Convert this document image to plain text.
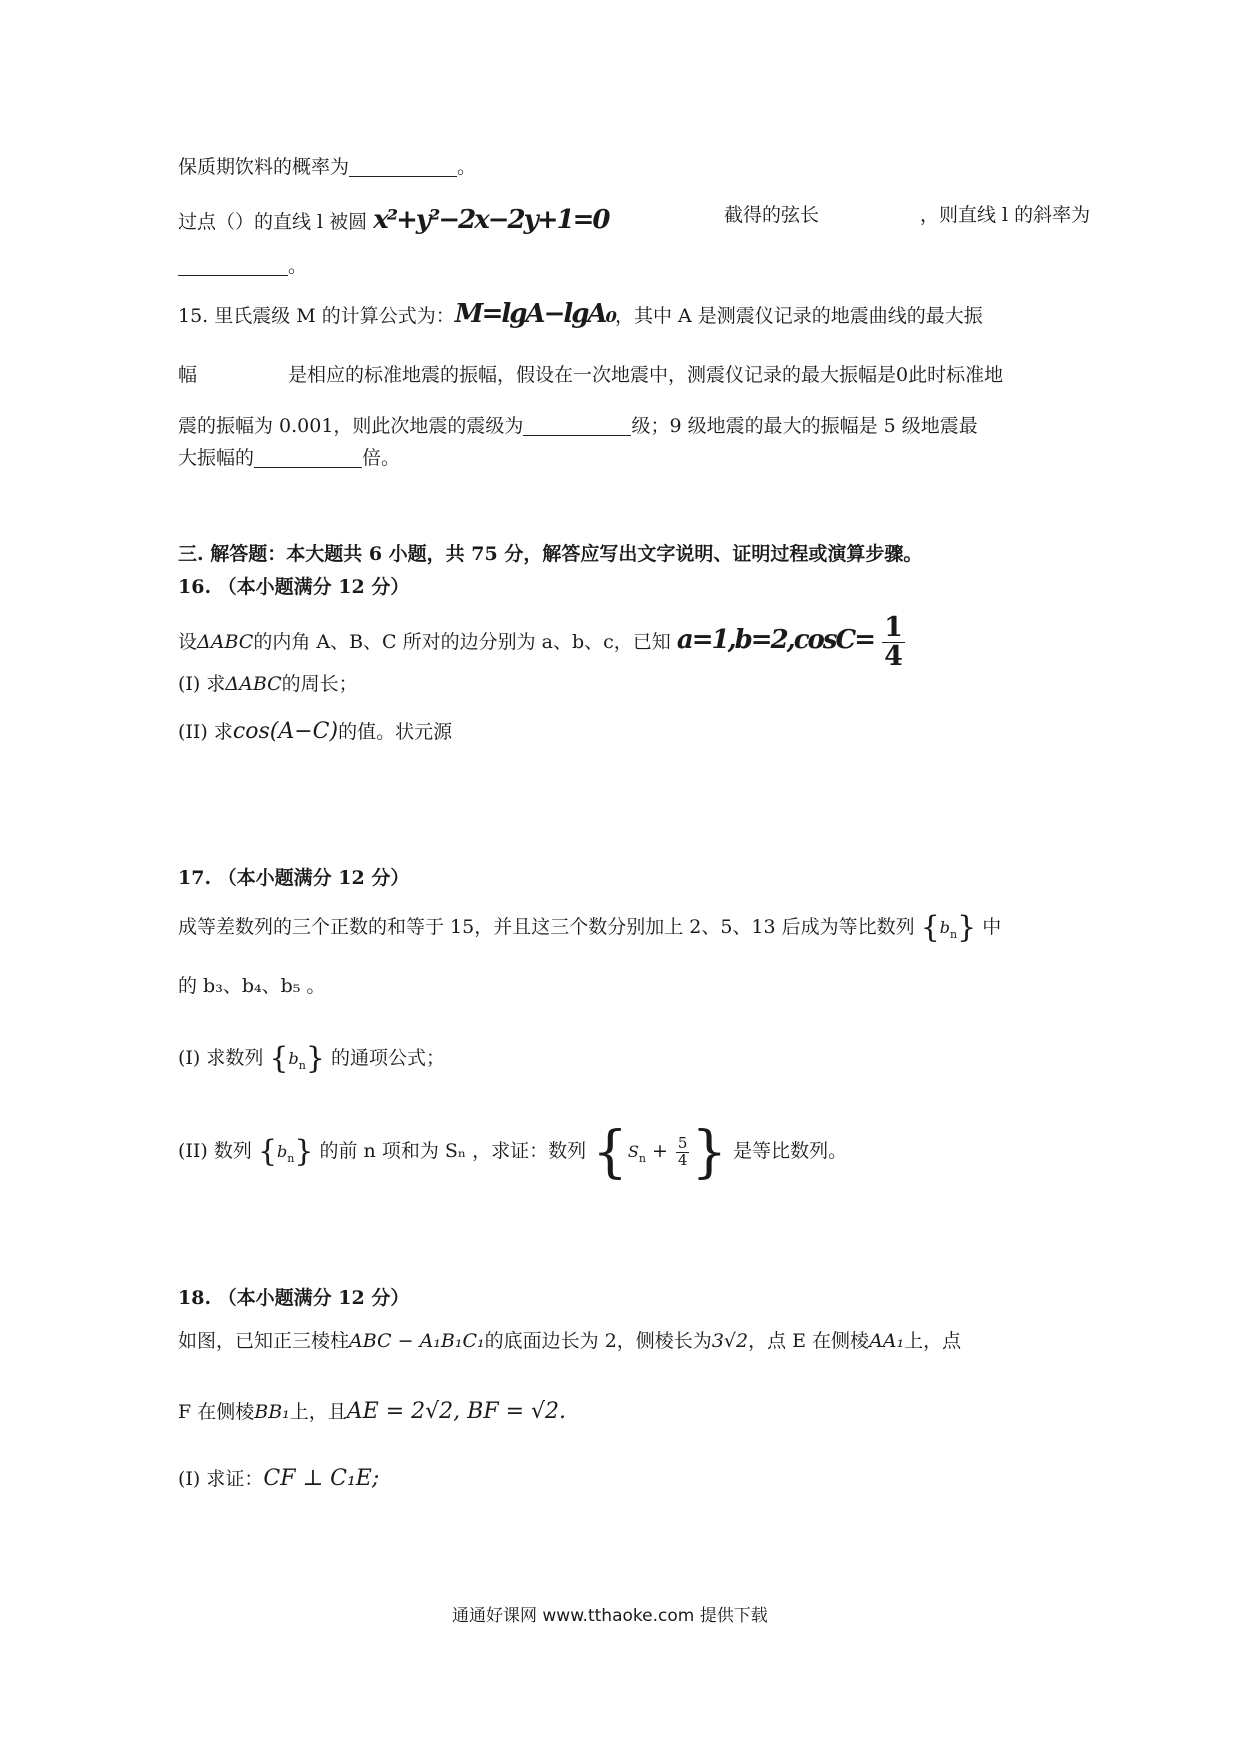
保质期饮料的概率为	。
过点（）的直线 l 被圆 x²+y²−2x−2y+1=0	截得的弦长	，则直线 l 的斜率为
。
15. 里氏震级 M 的计算公式为：M=lgA−lgA₀，其中 A 是测震仪记录的地震曲线的最大振
幅	是相应的标准地震的振幅，假设在一次地震中，测震仪记录的最大振幅是0此时标准地
震的振幅为 0.001，则此次地震的震级为	级；9 级地震的最大的振幅是 5 级地震最
大振幅的	倍。
三. 解答题：本大题共 6 小题，共 75 分，解答应写出文字说明、证明过程或演算步骤。
16. （本小题满分 12 分）
设ΔABC的内角 A、B、C 所对的边分别为 a、b、c，已知 $a=1,b=2,\cos C= \frac{1}{4}$
(I) 求ΔABC的周长；
(II) 求cos(A−C)的值。状元源
17. （本小题满分 12 分）
成等差数列的三个正数的和等于 15，并且这三个数分别加上 2、5、13 后成为等比数列 $\{b_n\}$ 中
的 b₃、b₄、b₅ 。
(I) 求数列 $\{b_n\}$ 的通项公式；
(II) 数列 $\{b_n\}$ 的前 n 项和为 Sₙ ，求证：数列 {$S_n + \frac{5}{4}$ } 是等比数列。
18. （本小题满分 12 分）
如图，已知正三棱柱ABC − A₁B₁C₁的底面边长为 2，侧棱长为3√2，点 E 在侧棱AA₁上，点
F 在侧棱BB₁上，且AE = 2√2, BF = √2.
(I) 求证：CF ⊥ C₁E;
通通好课网 www.tthaoke.com 提供下载
